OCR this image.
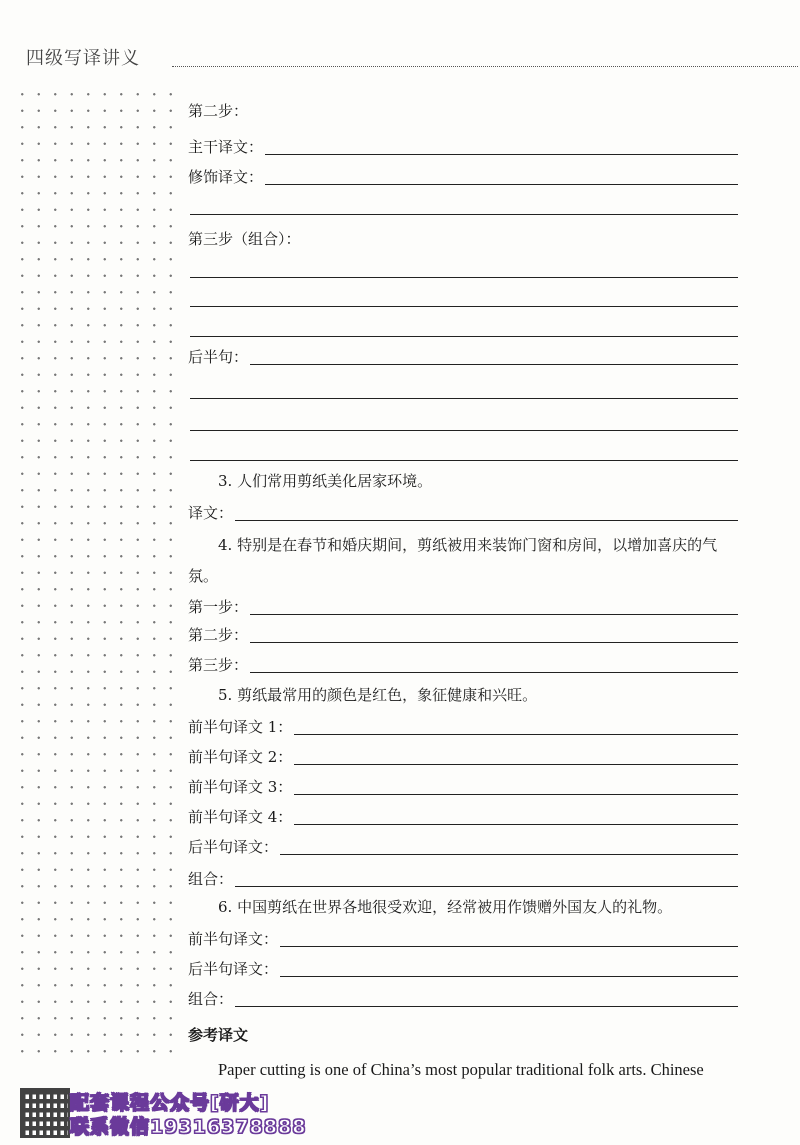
四级写译讲义
第二步：
主干译文：
修饰译文：
第三步（组合）：
后半句：
3. 人们常用剪纸美化居家环境。
译文：
4. 特别是在春节和婚庆期间，剪纸被用来装饰门窗和房间，以增加喜庆的气氛。
第一步：
第二步：
第三步：
5. 剪纸最常用的颜色是红色，象征健康和兴旺。
前半句译文 1：
前半句译文 2：
前半句译文 3：
前半句译文 4：
后半句译文：
组合：
6. 中国剪纸在世界各地很受欢迎，经常被用作馈赠外国友人的礼物。
前半句译文：
后半句译文：
组合：
参考译文
Paper cutting is one of China’s most popular traditional folk arts. Chinese
配套课程公众号[研大]
联系微信19316378888
